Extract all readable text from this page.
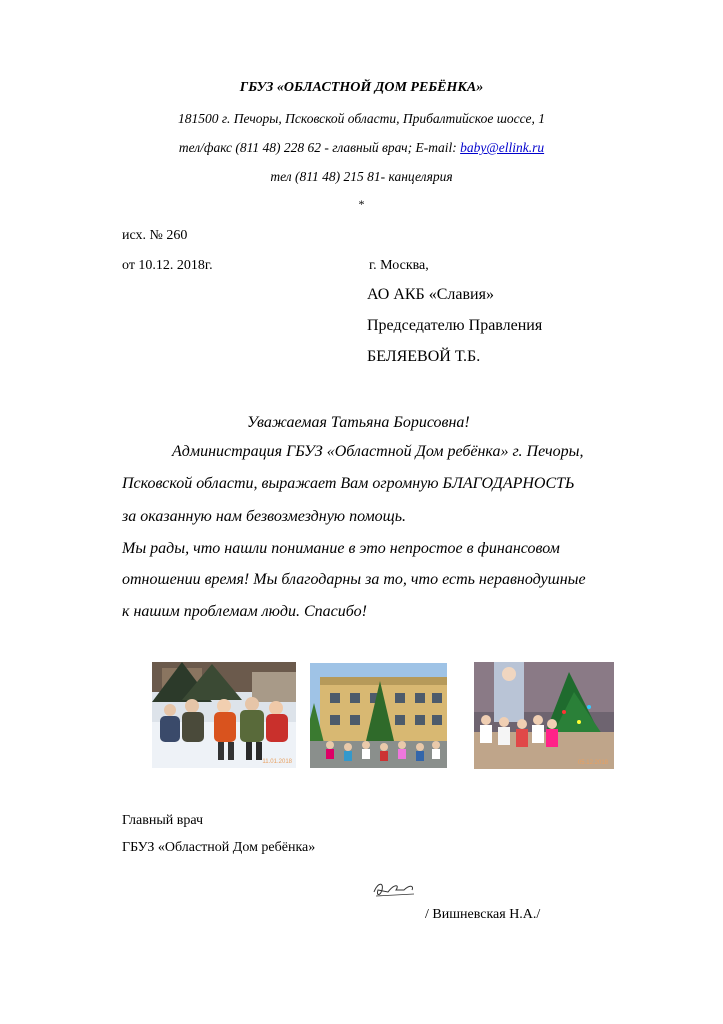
ГБУЗ «ОБЛАСТНОЙ ДОМ РЕБЁНКА»
181500 г. Печоры, Псковской области, Прибалтийское шоссе, 1
тел/факс (811 48) 228 62 - главный врач; E-mail: baby@ellink.ru
тел (811 48) 215 81- канцелярия
*
исх. № 260
от 10.12. 2018г.	г. Москва,
АО АКБ «Славия»
Председателю Правления
БЕЛЯЕВОЙ Т.Б.
Уважаемая Татьяна Борисовна!
Администрация ГБУЗ «Областной Дом ребёнка» г. Печоры,
Псковской области, выражает Вам огромную БЛАГОДАРНОСТЬ
за оказанную нам безвозмездную помощь.
Мы рады, что нашли понимание в это непростое в финансовом
отношении время! Мы благодарны за то, что есть неравнодушные
к нашим проблемам люди. Спасибо!
11.01.2018	05.12.2018
Главный врач
ГБУЗ «Областной Дом ребёнка»
/ Вишневская Н.А./
